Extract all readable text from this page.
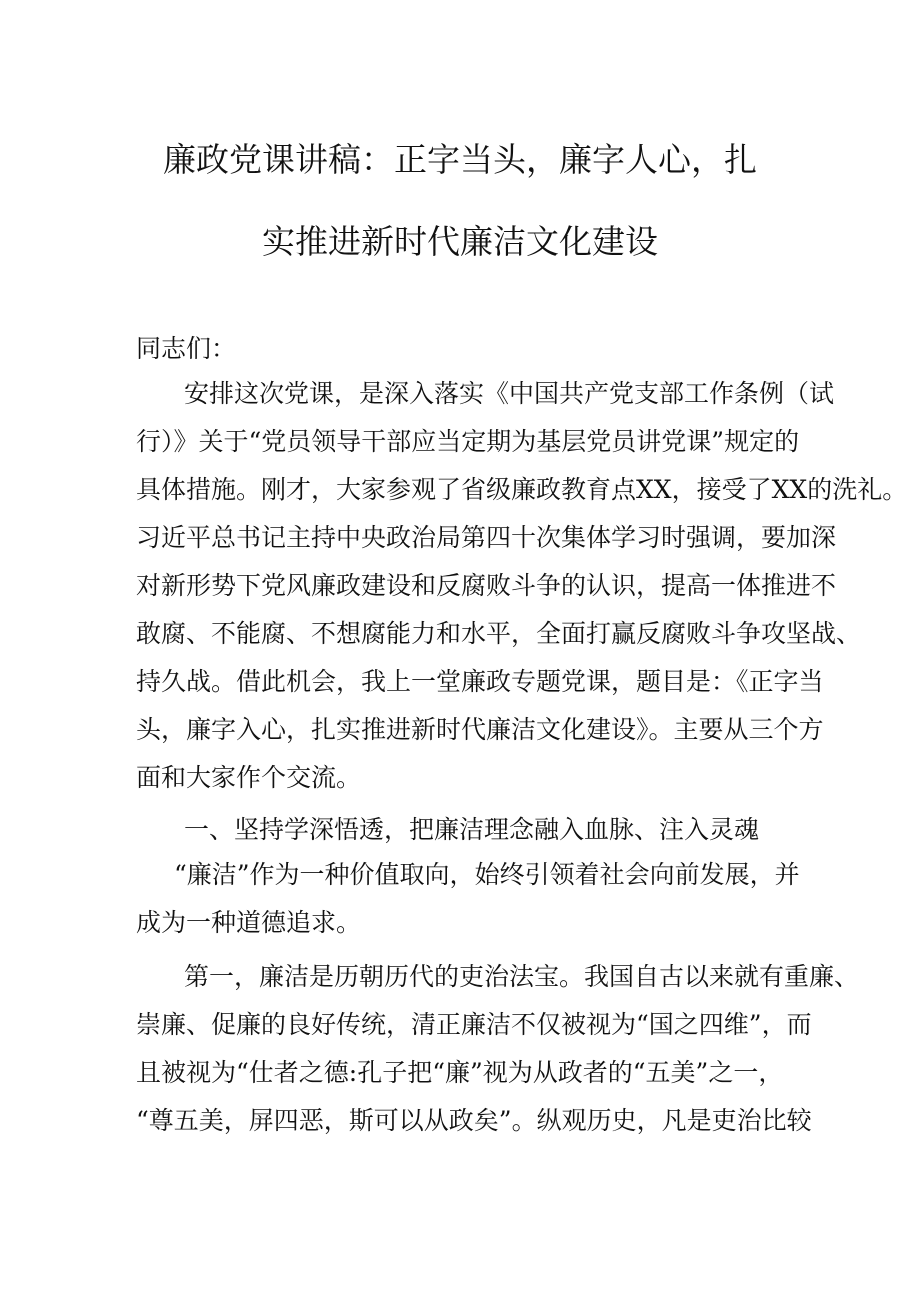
廉政党课讲稿：正字当头，廉字人心，扎
实推进新时代廉洁文化建设
同志们：
安排这次党课，是深入落实《中国共产党支部工作条例（试
行）》关于“党员领导干部应当定期为基层党员讲党课”规定的
具体措施。刚才，大家参观了省级廉政教育点XX，接受了XX的洗礼。
习近平总书记主持中央政治局第四十次集体学习时强调，要加深
对新形势下党风廉政建设和反腐败斗争的认识，提高一体推进不
敢腐、不能腐、不想腐能力和水平，全面打赢反腐败斗争攻坚战、
持久战。借此机会，我上一堂廉政专题党课，题目是：《正字当
头，廉字入心，扎实推进新时代廉洁文化建设》。主要从三个方
面和大家作个交流。
一、坚持学深悟透，把廉洁理念融入血脉、注入灵魂
“廉洁”作为一种价值取向，始终引领着社会向前发展，并
成为一种道德追求。
第一，廉洁是历朝历代的吏治法宝。我国自古以来就有重廉、
崇廉、促廉的良好传统，清正廉洁不仅被视为“国之四维”，而
且被视为“仕者之德:孔子把“廉”视为从政者的“五美”之一，
“尊五美，屏四恶，斯可以从政矣”。纵观历史，凡是吏治比较
